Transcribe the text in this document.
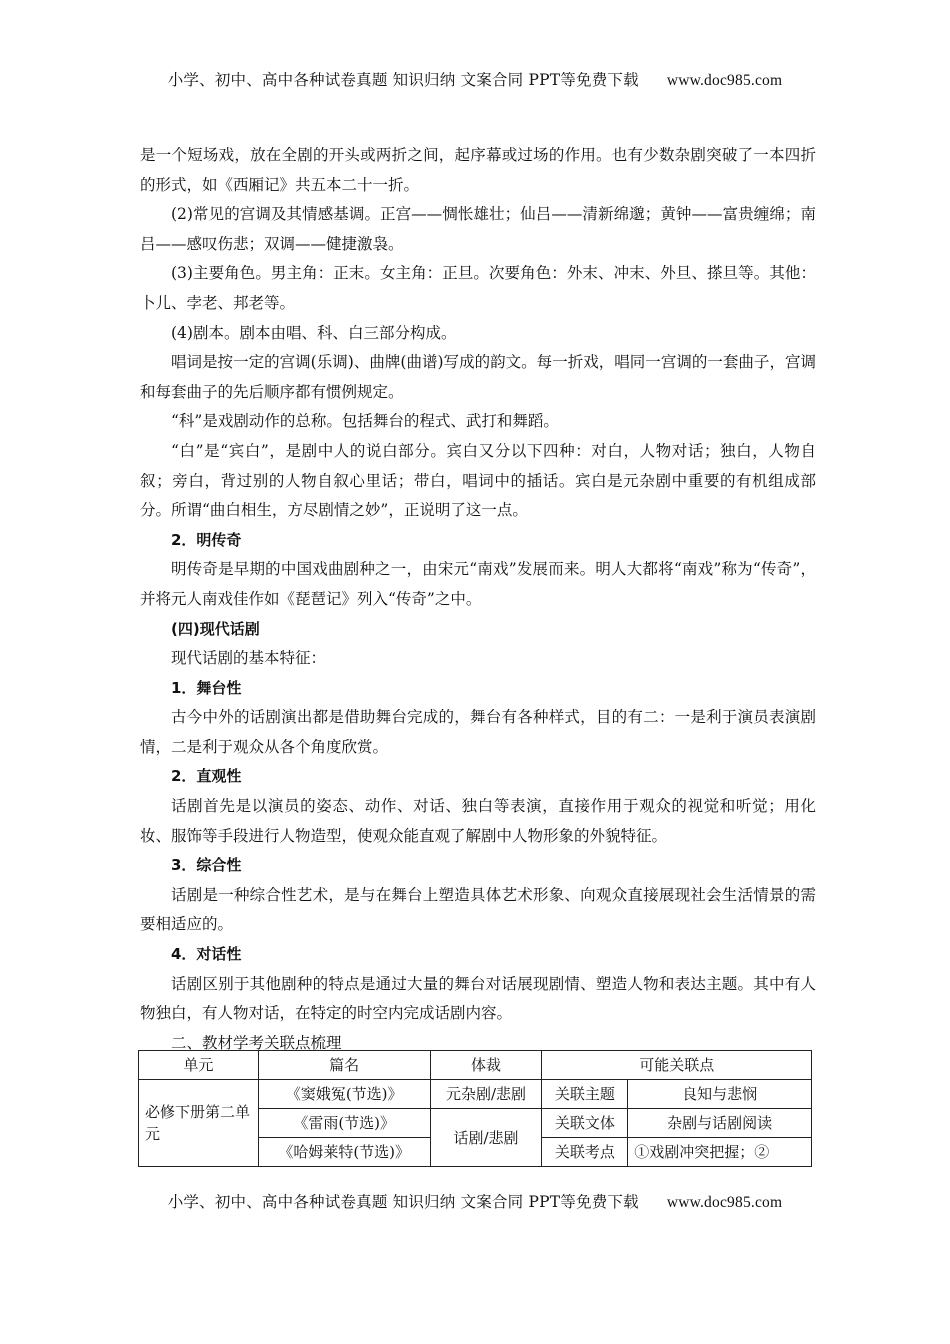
小学、初中、高中各种试卷真题 知识归纳 文案合同 PPT等免费下载 www.doc985.com

是一个短场戏，放在全剧的开头或两折之间，起序幕或过场的作用。也有少数杂剧突破了一本四折的形式，如《西厢记》共五本二十一折。

(2)常见的宫调及其情感基调。正宫——惆怅雄壮；仙吕——清新绵邈；黄钟——富贵缠绵；南吕——感叹伤悲；双调——健捷激袅。

(3)主要角色。男主角：正末。女主角：正旦。次要角色：外末、冲末、外旦、搽旦等。其他：卜儿、孛老、邦老等。

(4)剧本。剧本由唱、科、白三部分构成。

唱词是按一定的宫调(乐调)、曲牌(曲谱)写成的韵文。每一折戏，唱同一宫调的一套曲子，宫调和每套曲子的先后顺序都有惯例规定。

“科”是戏剧动作的总称。包括舞台的程式、武打和舞蹈。

“白”是“宾白”，是剧中人的说白部分。宾白又分以下四种：对白，人物对话；独白，人物自叙；旁白，背过别的人物自叙心里话；带白，唱词中的插话。宾白是元杂剧中重要的有机组成部分。所谓“曲白相生，方尽剧情之妙”，正说明了这一点。

2．明传奇

明传奇是早期的中国戏曲剧种之一，由宋元“南戏”发展而来。明人大都将“南戏”称为“传奇”，并将元人南戏佳作如《琵琶记》列入“传奇”之中。

(四)现代话剧

现代话剧的基本特征：

1．舞台性

古今中外的话剧演出都是借助舞台完成的，舞台有各种样式，目的有二：一是利于演员表演剧情，二是利于观众从各个角度欣赏。

2．直观性

话剧首先是以演员的姿态、动作、对话、独白等表演，直接作用于观众的视觉和听觉；用化妆、服饰等手段进行人物造型，使观众能直观了解剧中人物形象的外貌特征。

3．综合性

话剧是一种综合性艺术，是与在舞台上塑造具体艺术形象、向观众直接展现社会生活情景的需要相适应的。

4．对话性

话剧区别于其他剧种的特点是通过大量的舞台对话展现剧情、塑造人物和表达主题。其中有人物独白，有人物对话，在特定的时空内完成话剧内容。

二、教材学考关联点梳理

单元	篇名	体裁	可能关联点	
必修下册第二单元	《窦娥冤(节选)》	元杂剧/悲剧	关联主题	良知与悲悯
	《雷雨(节选)》	话剧/悲剧	关联文体	杂剧与话剧阅读
	《哈姆莱特(节选)》		关联考点	①戏剧冲突把握；②
小学、初中、高中各种试卷真题 知识归纳 文案合同 PPT等免费下载 www.doc985.com
